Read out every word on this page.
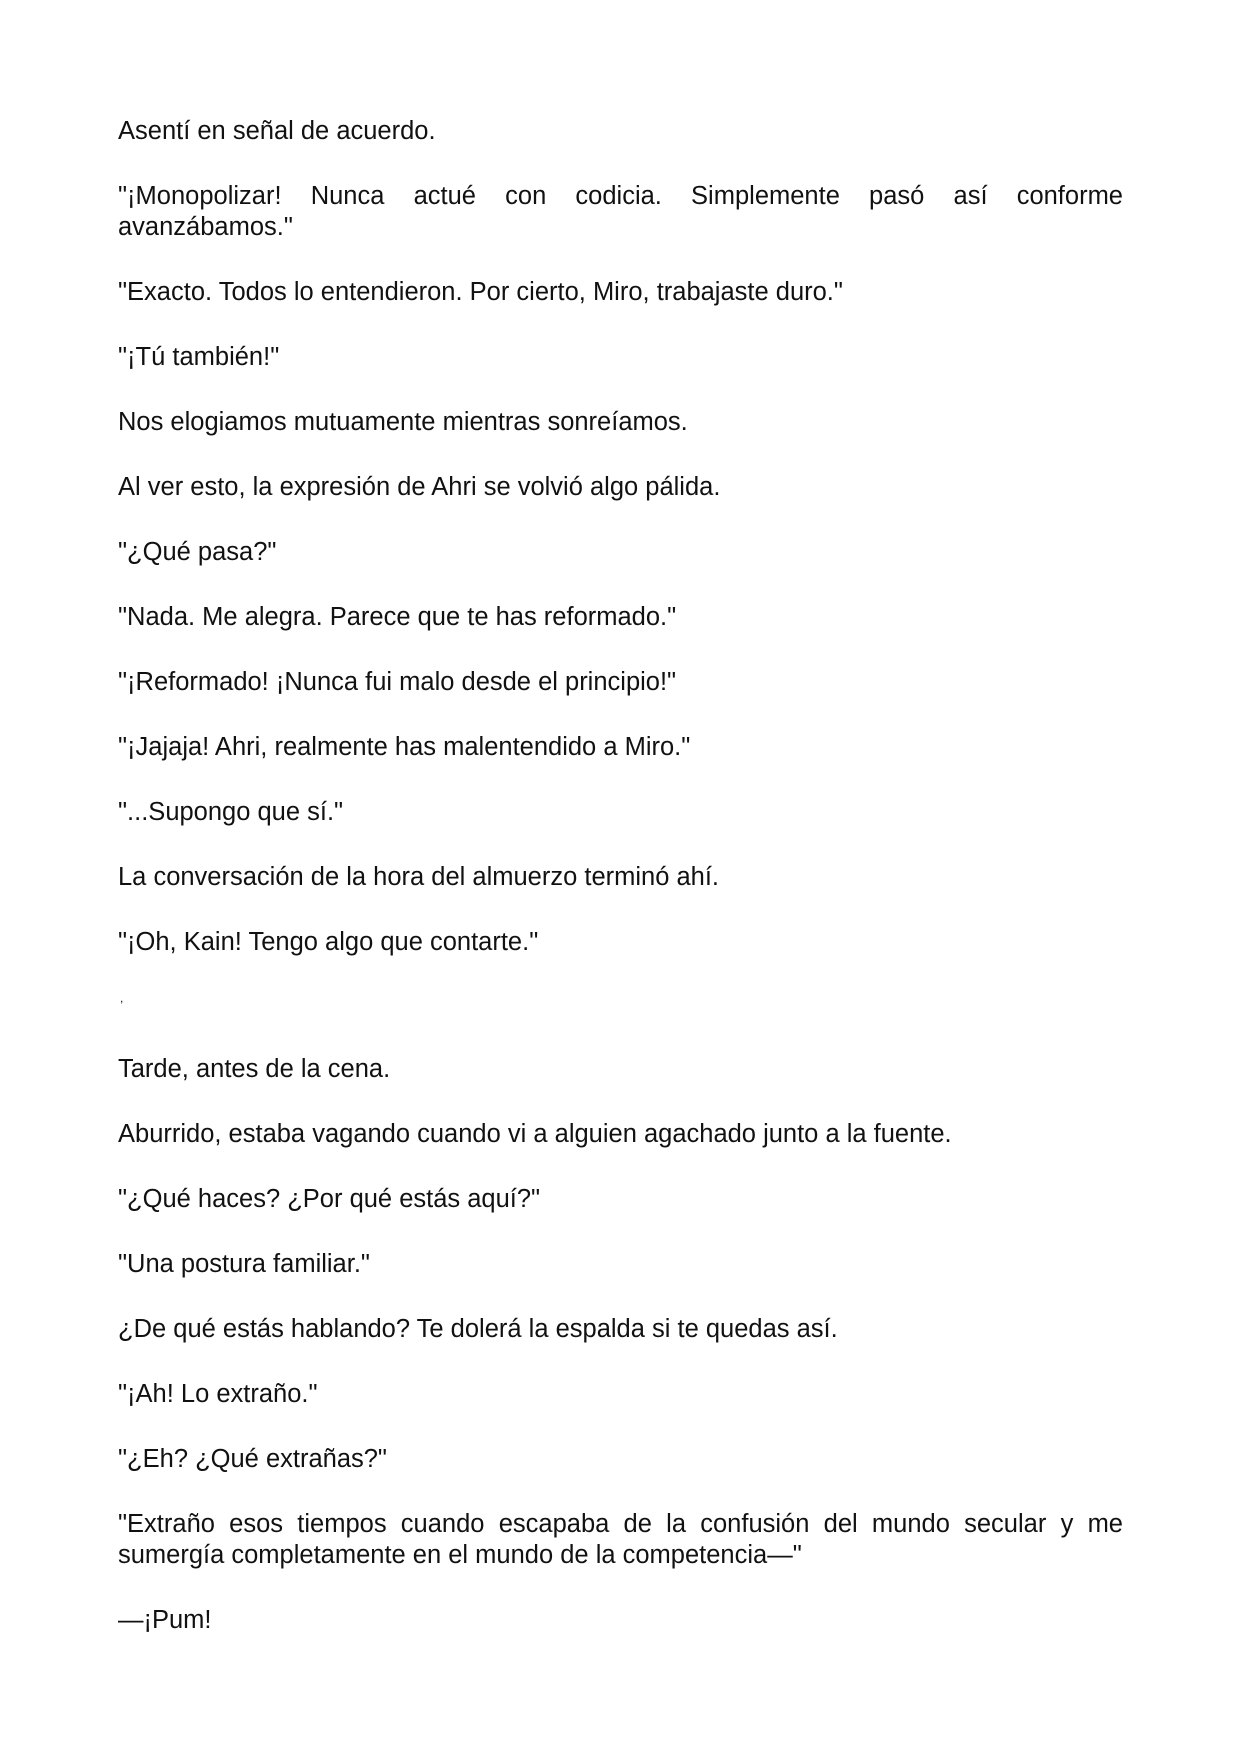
Asentí en señal de acuerdo.

"¡Monopolizar! Nunca actué con codicia. Simplemente pasó así conforme avanzábamos."

"Exacto. Todos lo entendieron. Por cierto, Miro, trabajaste duro."

"¡Tú también!"

Nos elogiamos mutuamente mientras sonreíamos.

Al ver esto, la expresión de Ahri se volvió algo pálida.

"¿Qué pasa?"

"Nada. Me alegra. Parece que te has reformado."

"¡Reformado! ¡Nunca fui malo desde el principio!"

"¡Jajaja! Ahri, realmente has malentendido a Miro."

"...Supongo que sí."

La conversación de la hora del almuerzo terminó ahí.

"¡Oh, Kain! Tengo algo que contarte."

,

Tarde, antes de la cena.

Aburrido, estaba vagando cuando vi a alguien agachado junto a la fuente.

"¿Qué haces? ¿Por qué estás aquí?"

"Una postura familiar."

¿De qué estás hablando? Te dolerá la espalda si te quedas así.

"¡Ah! Lo extraño."

"¿Eh? ¿Qué extrañas?"

"Extraño esos tiempos cuando escapaba de la confusión del mundo secular y me sumergía completamente en el mundo de la competencia—"

—¡Pum!
